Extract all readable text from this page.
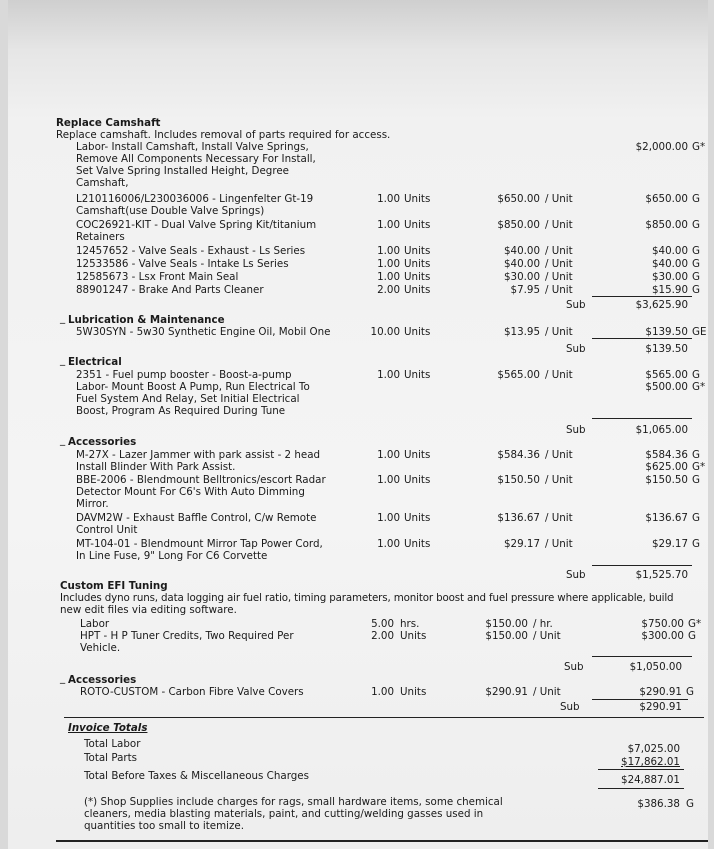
Replace Camshaft
Replace camshaft. Includes removal of parts required for access.
Labor- Install Camshaft, Install Valve Springs,
Remove All Components Necessary For Install,
Set Valve Spring Installed Height, Degree
Camshaft,
$2,000.00 G*
L210116006/L230036006 - Lingenfelter Gt-19
Camshaft(use Double Valve Springs)
1.00 Units	$650.00 / Unit	$650.00 G
COC26921-KIT - Dual Valve Spring Kit/titanium
Retainers
1.00 Units	$850.00 / Unit	$850.00 G
12457652 - Valve Seals - Exhaust - Ls Series	1.00 Units	$40.00 / Unit	$40.00 G
12533586 - Valve Seals - Intake Ls Series	1.00 Units	$40.00 / Unit	$40.00 G
12585673 - Lsx Front Main Seal	1.00 Units	$30.00 / Unit	$30.00 G
88901247 - Brake And Parts Cleaner	2.00 Units	$7.95 / Unit	$15.90 G
Sub	$3,625.90
_ Lubrication & Maintenance
5W30SYN - 5w30 Synthetic Engine Oil, Mobil One	10.00 Units	$13.95 / Unit	$139.50 GE
Sub	$139.50
_ Electrical
2351 - Fuel pump booster - Boost-a-pump	1.00 Units	$565.00 / Unit	$565.00 G
Labor- Mount Boost A Pump, Run Electrical To
Fuel System And Relay, Set Initial Electrical
Boost, Program As Required During Tune
$500.00 G*
Sub	$1,065.00
_ Accessories
M-27X - Lazer Jammer with park assist - 2 head	1.00 Units	$584.36 / Unit	$584.36 G
Install Blinder With Park Assist.	$625.00 G*
BBE-2006 - Blendmount Belltronics/escort Radar
Detector Mount For C6's With Auto Dimming
Mirror.
1.00 Units	$150.50 / Unit	$150.50 G
DAVM2W - Exhaust Baffle Control, C/w Remote
Control Unit
1.00 Units	$136.67 / Unit	$136.67 G
MT-104-01 - Blendmount Mirror Tap Power Cord,
In Line Fuse, 9" Long For C6 Corvette
1.00 Units	$29.17 / Unit	$29.17 G
Sub	$1,525.70
Custom EFI Tuning
Includes dyno runs, data logging air fuel ratio, timing parameters, monitor boost and fuel pressure where applicable, build
new edit files via editing software.
Labor	5.00 hrs.	$150.00 / hr.	$750.00 G*
HPT - H P Tuner Credits, Two Required Per
Vehicle.
2.00 Units	$150.00 / Unit	$300.00 G
Sub	$1,050.00
_ Accessories
ROTO-CUSTOM - Carbon Fibre Valve Covers	1.00 Units	$290.91 / Unit	$290.91 G
Sub	$290.91
Invoice Totals
Total Labor	$7,025.00
Total Parts	$17,862.01
Total Before Taxes & Miscellaneous Charges	$24,887.01
(*) Shop Supplies include charges for rags, small hardware items, some chemical
cleaners, media blasting materials, paint, and cutting/welding gasses used in
quantities too small to itemize.
$386.38 G
